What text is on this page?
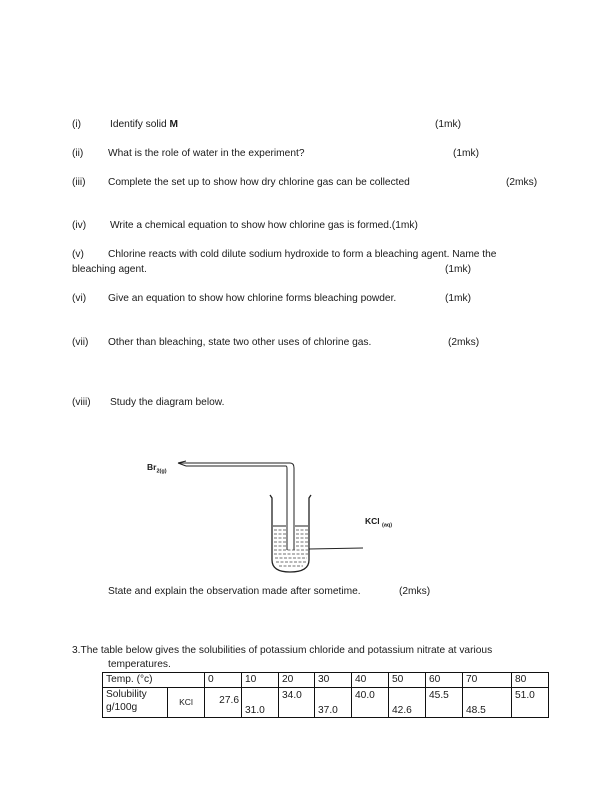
(i)	Identify solid M	(1mk)
(ii) What is the role of water in the experiment?	(1mk)
(iii) Complete the set up to show how dry chlorine gas can be collected	(2mks)
(iv) Write a chemical equation to show how chlorine gas is formed.(1mk)
(v) Chlorine reacts with cold dilute sodium hydroxide to form a bleaching agent. Name the
bleaching agent.	(1mk)
(vi) Give an equation to show how chlorine forms bleaching powder.	(1mk)
(vii) Other than bleaching, state two other uses of chlorine gas.	(2mks)
(viii) Study the diagram below.
$Br_{2(g)}$
KCl $_{(aq)}$
State and explain the observation made after sometime.	(2mks)
3.The table below gives the solubilities of potassium chloride and potassium nitrate at various
temperatures.
Temp. (°c)		0	10	20	30	40	50	60	70	80

Solubility
g/100g	KCl	27.6	31.0	34.0	37.0	40.0	42.6	45.5	48.5	51.0
